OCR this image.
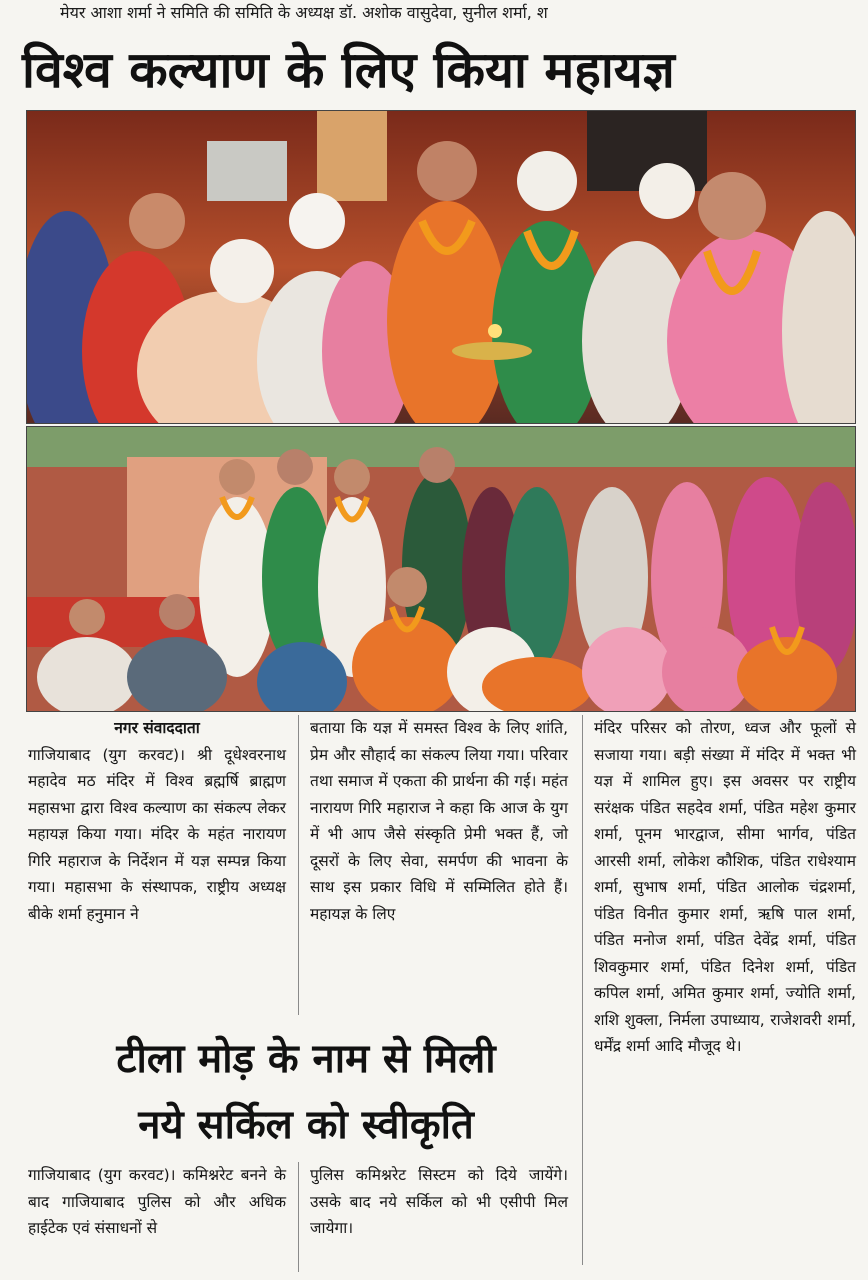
मेयर आशा शर्मा ने समिति की समिति के अध्यक्ष डॉ. अशोक वासुदेवा, सुनील शर्मा, श
विश्व कल्याण के लिए किया महायज्ञ
नगर संवाददाता

गाजियाबाद (युग करवट)। श्री दूधेश्वरनाथ महादेव मठ मंदिर में विश्व ब्रह्मर्षि ब्राह्मण महासभा द्वारा विश्व कल्याण का संकल्प लेकर महायज्ञ किया गया। मंदिर के महंत नारायण गिरि महाराज के निर्देशन में यज्ञ सम्पन्न किया गया। महासभा के संस्थापक, राष्ट्रीय अध्यक्ष बीके शर्मा हनुमान ने

बताया कि यज्ञ में समस्त विश्व के लिए शांति, प्रेम और सौहार्द का संकल्प लिया गया। परिवार तथा समाज में एकता की प्रार्थना की गई। महंत नारायण गिरि महाराज ने कहा कि आज के युग में भी आप जैसे संस्कृति प्रेमी भक्त हैं, जो दूसरों के लिए सेवा, समर्पण की भावना के साथ इस प्रकार विधि में सम्मिलित होते हैं। महायज्ञ के लिए

मंदिर परिसर को तोरण, ध्वज और फूलों से सजाया गया। बड़ी संख्या में मंदिर में भक्त भी यज्ञ में शामिल हुए। इस अवसर पर राष्ट्रीय सरंक्षक पंडित सहदेव शर्मा, पंडित महेश कुमार शर्मा, पूनम भारद्वाज, सीमा भार्गव, पंडित आरसी शर्मा, लोकेश कौशिक, पंडित राधेश्याम शर्मा, सुभाष शर्मा, पंडित आलोक चंद्रशर्मा, पंडित विनीत कुमार शर्मा, ऋषि पाल शर्मा, पंडित मनोज शर्मा, पंडित देवेंद्र शर्मा, पंडित शिवकुमार शर्मा, पंडित दिनेश शर्मा, पंडित कपिल शर्मा, अमित कुमार शर्मा, ज्योति शर्मा, शशि शुक्ला, निर्मला उपाध्याय, राजेशवरी शर्मा, धर्मेंद्र शर्मा आदि मौजूद थे।

टीला मोड़ के नाम से मिली
नये सर्किल को स्वीकृति

गाजियाबाद (युग करवट)। कमिश्नरेट बनने के बाद गाजियाबाद पुलिस को और अधिक हाईटेक एवं संसाधनों से

पुलिस कमिश्नरेट सिस्टम को दिये जायेंगे। उसके बाद नये सर्किल को भी एसीपी मिल जायेगा।
